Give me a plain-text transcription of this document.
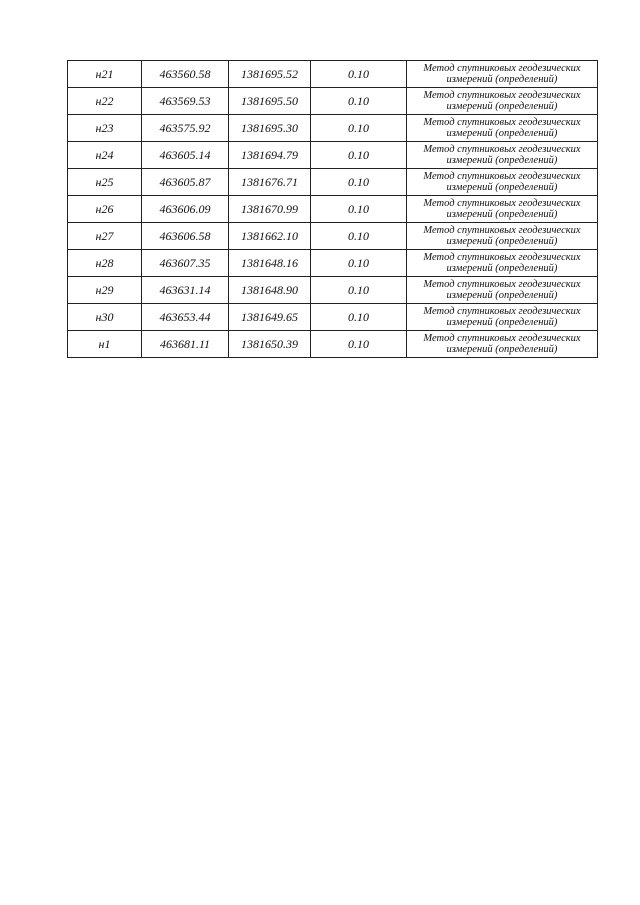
н21	463560.58	1381695.52	0.10	Метод спутниковых геодезических
измерений (определений)

н22	463569.53	1381695.50	0.10	Метод спутниковых геодезических
измерений (определений)

н23	463575.92	1381695.30	0.10	Метод спутниковых геодезических
измерений (определений)

н24	463605.14	1381694.79	0.10	Метод спутниковых геодезических
измерений (определений)

н25	463605.87	1381676.71	0.10	Метод спутниковых геодезических
измерений (определений)

н26	463606.09	1381670.99	0.10	Метод спутниковых геодезических
измерений (определений)

н27	463606.58	1381662.10	0.10	Метод спутниковых геодезических
измерений (определений)

н28	463607.35	1381648.16	0.10	Метод спутниковых геодезических
измерений (определений)

н29	463631.14	1381648.90	0.10	Метод спутниковых геодезических
измерений (определений)

н30	463653.44	1381649.65	0.10	Метод спутниковых геодезических
измерений (определений)

н1	463681.11	1381650.39	0.10	Метод спутниковых геодезических
измерений (определений)
